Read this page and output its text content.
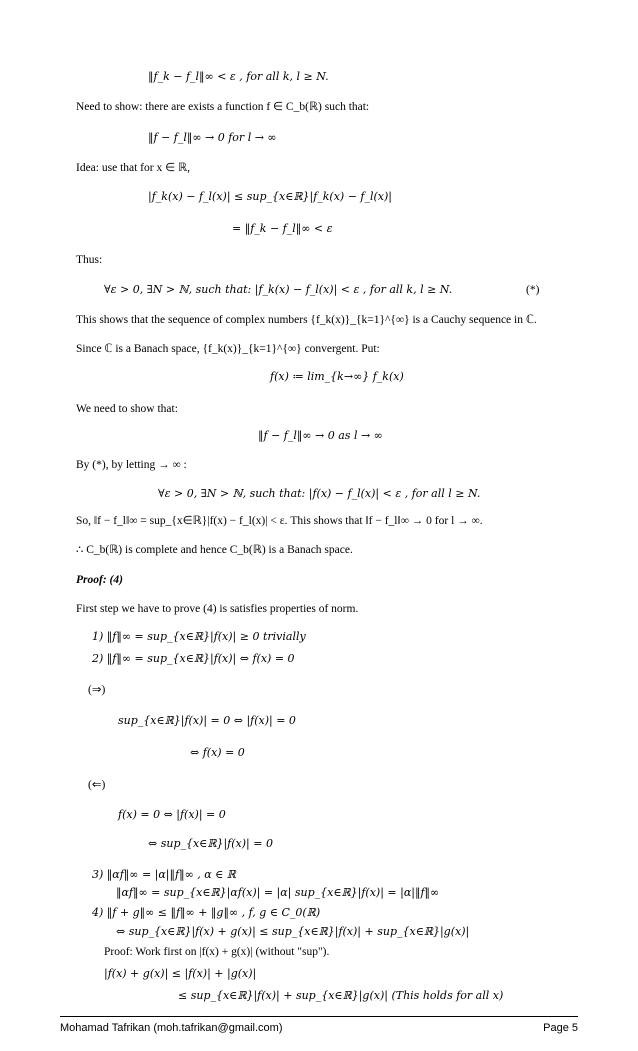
‖f_k − f_l‖∞ < ε , for all k, l ≥ N.
Need to show: there are exists a function f ∈ C_b(ℝ) such that:
‖f − f_l‖∞ → 0 for l → ∞
Idea: use that for x ∈ ℝ,
|f_k(x) − f_l(x)| ≤ sup_{x∈ℝ}|f_k(x) − f_l(x)|
= ‖f_k − f_l‖∞ < ε
Thus:
∀ε > 0, ∃N > ℕ, such that: |f_k(x) − f_l(x)| < ε , for all k, l ≥ N.	(*)
This shows that the sequence of complex numbers {f_k(x)}_{k=1}^{∞} is a Cauchy sequence in ℂ.
Since ℂ is a Banach space, {f_k(x)}_{k=1}^{∞} convergent. Put:
f(x) ≔ lim_{k→∞} f_k(x)
We need to show that:
‖f − f_l‖∞ → 0 as l → ∞
By (*), by letting → ∞ :
∀ε > 0, ∃N > ℕ, such that: |f(x) − f_l(x)| < ε , for all l ≥ N.
So, ‖f − f_l‖∞ = sup_{x∈ℝ}|f(x) − f_l(x)| < ε. This shows that ‖f − f_l‖∞ → 0 for l → ∞.
∴ C_b(ℝ) is complete and hence C_b(ℝ) is a Banach space.
Proof: (4)
First step we have to prove (4) is satisfies properties of norm.
1) ‖f‖∞ = sup_{x∈ℝ}|f(x)| ≥ 0 trivially
2) ‖f‖∞ = sup_{x∈ℝ}|f(x)| ⇔ f(x) = 0
(⇒)
sup_{x∈ℝ}|f(x)| = 0 ⇔ |f(x)| = 0
⇔ f(x) = 0
(⇐)
f(x) = 0 ⇔ |f(x)| = 0
⇔ sup_{x∈ℝ}|f(x)| = 0
3) ‖αf‖∞ = |α|‖f‖∞ , α ∈ ℝ
‖αf‖∞ = sup_{x∈ℝ}|αf(x)| = |α| sup_{x∈ℝ}|f(x)| = |α|‖f‖∞
4) ‖f + g‖∞ ≤ ‖f‖∞ + ‖g‖∞ , f, g ∈ C_0(ℝ)
⇔ sup_{x∈ℝ}|f(x) + g(x)| ≤ sup_{x∈ℝ}|f(x)| + sup_{x∈ℝ}|g(x)|
Mohamad Tafrikan (moh.tafrikan@gmail.com)	Page 5
Proof: Work first on |f(x) + g(x)| (without "sup").
|f(x) + g(x)| ≤ |f(x)| + |g(x)|
≤ sup_{x∈ℝ}|f(x)| + sup_{x∈ℝ}|g(x)| (This holds for all x)
